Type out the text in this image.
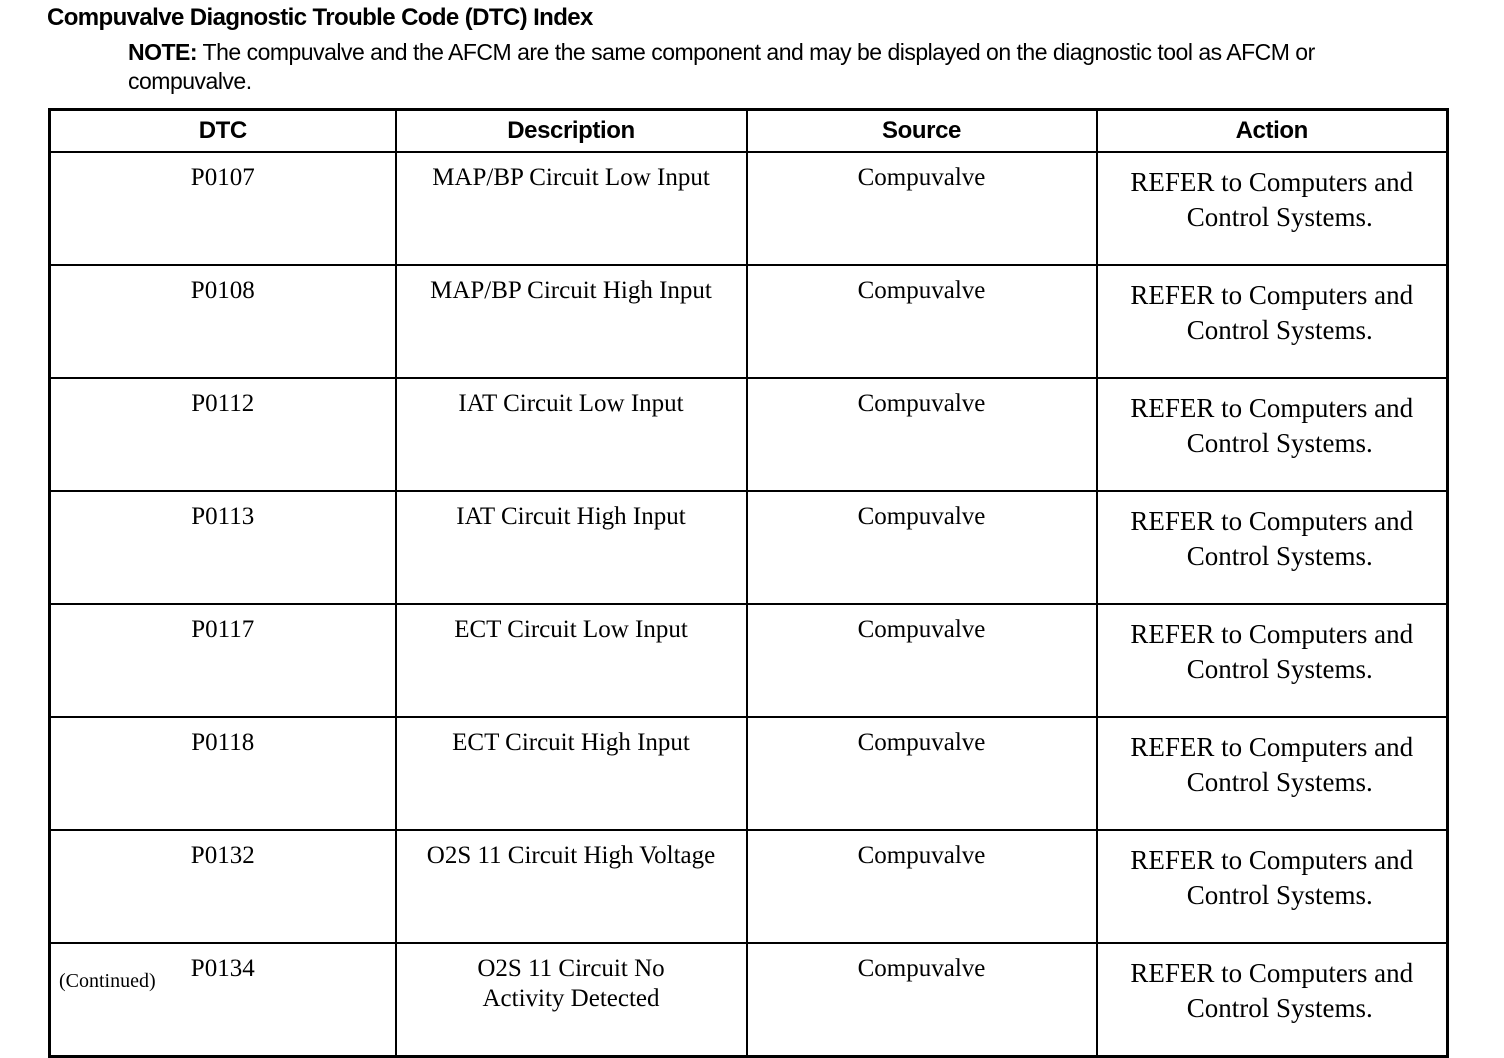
Compuvalve Diagnostic Trouble Code (DTC) Index
NOTE: The compuvalve and the AFCM are the same component and may be displayed on the diagnostic tool as AFCM or compuvalve.
DTC	Description	Source	Action
P0107	MAP/BP Circuit Low Input	Compuvalve	REFER to Computers and
Control Systems.

P0108	MAP/BP Circuit High Input	Compuvalve	REFER to Computers and
Control Systems.

P0112	IAT Circuit Low Input	Compuvalve	REFER to Computers and
Control Systems.

P0113	IAT Circuit High Input	Compuvalve	REFER to Computers and
Control Systems.

P0117	ECT Circuit Low Input	Compuvalve	REFER to Computers and
Control Systems.

P0118	ECT Circuit High Input	Compuvalve	REFER to Computers and
Control Systems.

P0132	O2S 11 Circuit High Voltage	Compuvalve	REFER to Computers and
Control Systems.

P0134	O2S 11 Circuit No Activity Detected	Compuvalve	REFER to Computers and
Control Systems.
(Continued)
